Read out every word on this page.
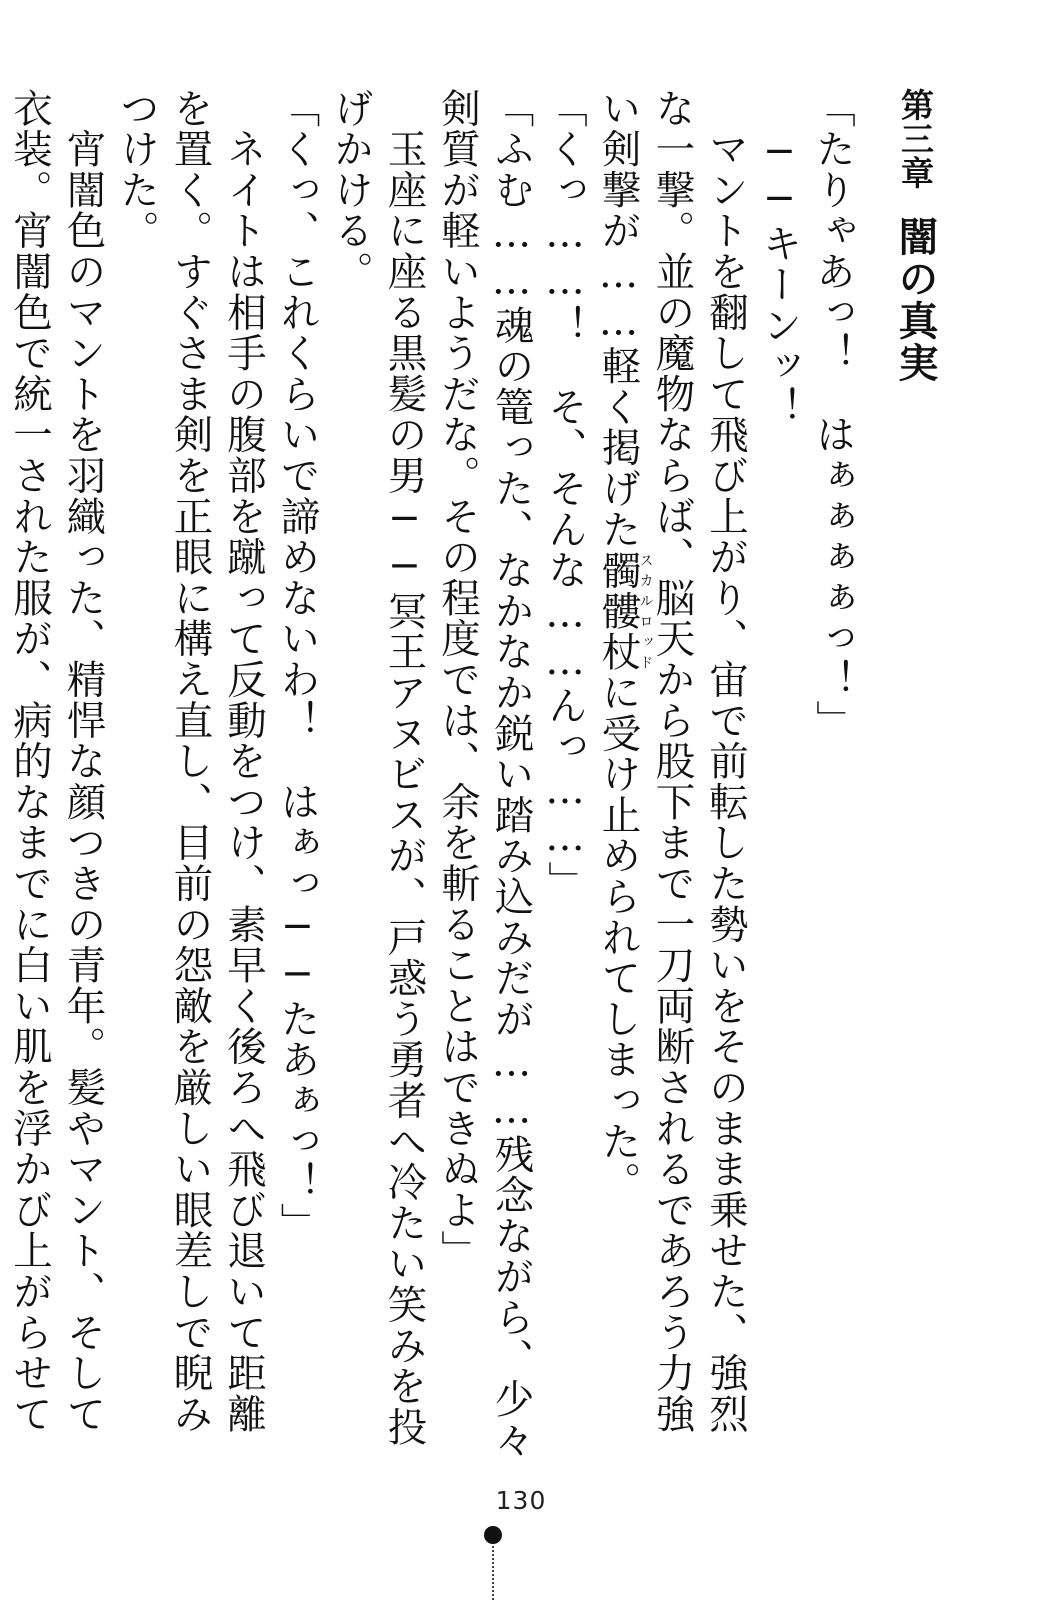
第三章闇の真実

「たりゃあっ！　はぁぁぁぁっ！」

　──キーンッ！

　マントを翻して飛び上がり、宙で前転した勢いをそのまま乗せた、強烈な一撃。並の魔物ならば、脳天から股下まで一刀両断されるであろう力強い剣撃が……軽く掲げた髑髏杖スカルロッドに受け止められてしまった。

「くっ……！　そ、そんな……んっ……」

「ふむ……魂の篭った、なかなか鋭い踏み込みだが……残念ながら、少々剣質が軽いようだな。その程度では、余を斬ることはできぬよ」

　玉座に座る黒髪の男──冥王アヌビスが、戸惑う勇者へ冷たい笑みを投げかける。

「くっ、これくらいで諦めないわ！　はぁっ──たあぁっ！」

　ネイトは相手の腹部を蹴って反動をつけ、素早く後ろへ飛び退いて距離を置く。すぐさま剣を正眼に構え直し、目前の怨敵を厳しい眼差しで睨みつけた。

　宵闇色のマントを羽織った、精悍な顔つきの青年。髪やマント、そして衣装。宵闇色で統一された服が、病的なまでに白い肌を浮かび上がらせて

130
